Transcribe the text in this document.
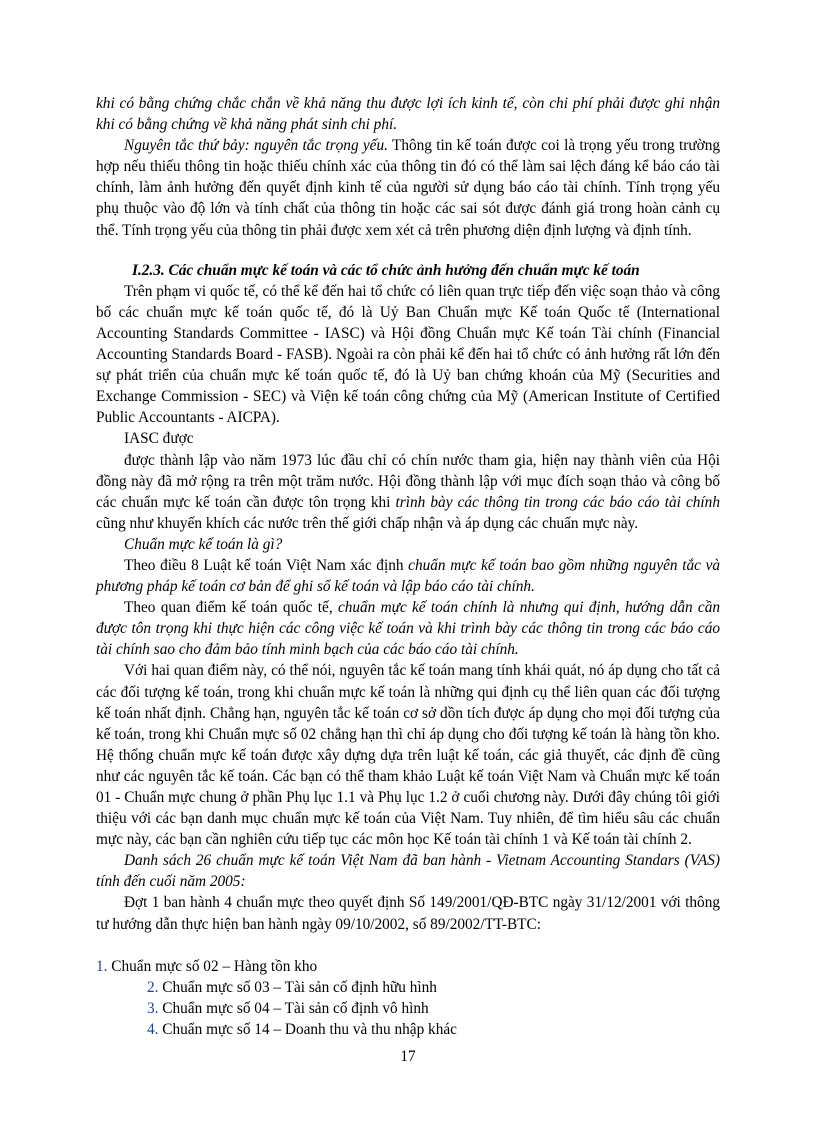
khi có bằng chứng chắc chắn về khả năng thu được lợi ích kinh tế, còn chi phí phải được ghi nhận khi có bằng chứng về khả năng phát sinh chi phí.

Nguyên tắc thứ bảy: nguyên tắc trọng yếu. Thông tin kế toán được coi là trọng yếu trong trường hợp nếu thiếu thông tin hoặc thiếu chính xác của thông tin đó có thể làm sai lệch đáng kể báo cáo tài chính, làm ảnh hưởng đến quyết định kinh tế của người sử dụng báo cáo tài chính. Tính trọng yếu phụ thuộc vào độ lớn và tính chất của thông tin hoặc các sai sót được đánh giá trong hoàn cảnh cụ thể. Tính trọng yếu của thông tin phải được xem xét cả trên phương diện định lượng và định tính.

I.2.3. Các chuẩn mực kế toán và các tổ chức ảnh hưởng đến chuẩn mực kế toán

Trên phạm vi quốc tế, có thể kể đến hai tổ chức có liên quan trực tiếp đến việc soạn thảo và công bố các chuẩn mực kế toán quốc tế, đó là Uỷ Ban Chuẩn mực Kế toán Quốc tế (International Accounting Standards Committee - IASC) và Hội đồng Chuẩn mực Kế toán Tài chính (Financial Accounting Standards Board - FASB). Ngoài ra còn phải kể đến hai tổ chức có ảnh hưởng rất lớn đến sự phát triển của chuẩn mực kế toán quốc tế, đó là Uỷ ban chứng khoán của Mỹ (Securities and Exchange Commission - SEC) và Viện kế toán công chứng của Mỹ (American Institute of Certified Public Accountants - AICPA).

IASC được

được thành lập vào năm 1973 lúc đầu chỉ có chín nước tham gia, hiện nay thành viên của Hội đồng này đã mở rộng ra trên một trăm nước. Hội đồng thành lập với mục đích soạn thảo và công bố các chuẩn mực kế toán cần được tôn trọng khi trình bày các thông tin trong các báo cáo tài chính cũng như khuyến khích các nước trên thế giới chấp nhận và áp dụng các chuẩn mực này.

Chuẩn mực kế toán là gì?

Theo điều 8 Luật kế toán Việt Nam xác định chuẩn mực kế toán bao gồm những nguyên tắc và phương pháp kế toán cơ bản để ghi sổ kế toán và lập báo cáo tài chính.

Theo quan điểm kế toán quốc tế, chuẩn mực kế toán chính là nhưng qui định, hướng dẫn cần được tôn trọng khi thực hiện các công việc kế toán và khi trình bày các thông tin trong các báo cáo tài chính sao cho đảm bảo tính minh bạch của các báo cáo tài chính.

Với hai quan điểm này, có thể nói, nguyên tắc kế toán mang tính khái quát, nó áp dụng cho tất cả các đối tượng kế toán, trong khi chuẩn mực kế toán là những qui định cụ thể liên quan các đối tượng kế toán nhất định. Chẳng hạn, nguyên tắc kế toán cơ sở dồn tích được áp dụng cho mọi đối tượng của kế toán, trong khi Chuẩn mực số 02 chẳng hạn thì chỉ áp dụng cho đối tượng kế toán là hàng tồn kho. Hệ thống chuẩn mực kế toán được xây dựng dựa trên luật kế toán, các giả thuyết, các định đề cũng như các nguyên tắc kế toán. Các bạn có thể tham khảo Luật kế toán Việt Nam và Chuẩn mực kế toán 01 - Chuẩn mực chung ở phần Phụ lục 1.1 và Phụ lục 1.2 ở cuối chương này. Dưới đây chúng tôi giới thiệu với các bạn danh mục chuẩn mực kế toán của Việt Nam. Tuy nhiên, để tìm hiểu sâu các chuẩn mực này, các bạn cần nghiên cứu tiếp tục các môn học Kế toán tài chính 1 và Kế toán tài chính 2.

Danh sách 26 chuẩn mực kế toán Việt Nam đã ban hành - Vietnam Accounting Standars (VAS) tính đến cuối năm 2005:

Đợt 1 ban hành 4 chuẩn mực theo quyết định Số 149/2001/QĐ-BTC ngày 31/12/2001 với thông tư hướng dẫn thực hiện ban hành ngày 09/10/2002, số 89/2002/TT-BTC:

1. Chuẩn mực số 02 – Hàng tồn kho
2. Chuẩn mực số 03 – Tài sản cố định hữu hình
3. Chuẩn mực số 04 – Tài sản cố định vô hình
4. Chuẩn mực số 14 – Doanh thu và thu nhập khác
17
